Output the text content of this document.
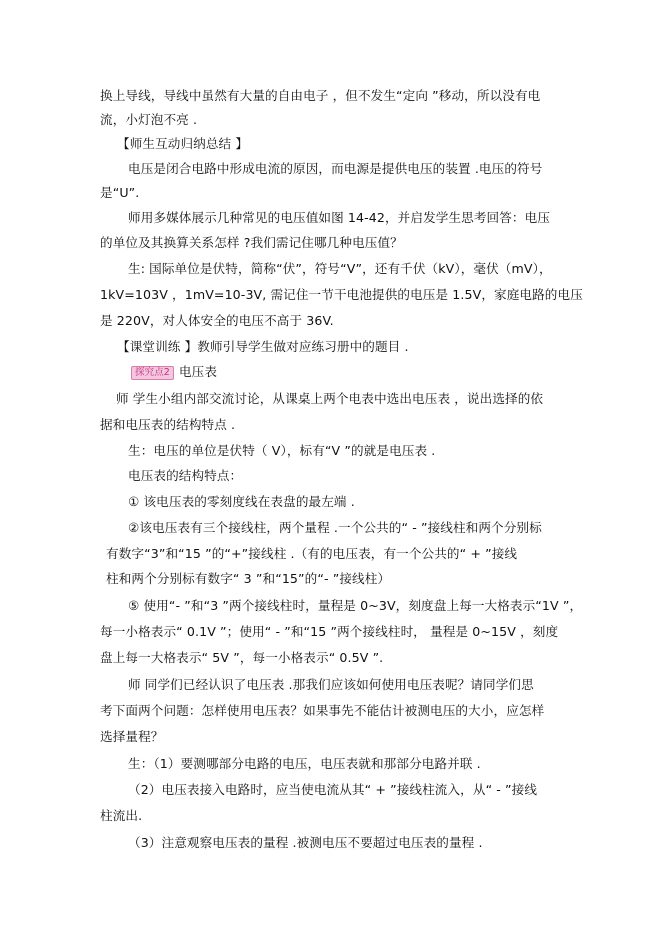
换上导线，导线中虽然有大量的自由电子 ，但不发生“定向 ”移动，所以没有电
流，小灯泡不亮 .
【师生互动归纳总结 】
电压是闭合电路中形成电流的原因，而电源是提供电压的装置 .电压的符号
是“U”.
师用多媒体展示几种常见的电压值如图 14-42，并启发学生思考回答：电压
的单位及其换算关系怎样 ?我们需记住哪几种电压值？
生: 国际单位是伏特，简称“伏”，符号“V”，还有千伏（kV），毫伏（mV），
1kV=103V ，1mV=10-3V, 需记住一节干电池提供的电压是 1.5V，家庭电路的电压
是 220V，对人体安全的电压不高于 36V.
【课堂训练 】教师引导学生做对应练习册中的题目 .
探究点2 电压表
师 学生小组内部交流讨论，从课桌上两个电表中选出电压表 ，说出选择的依
据和电压表的结构特点 .
生：电压的单位是伏特（ V），标有“V ”的就是电压表 .
电压表的结构特点：
① 该电压表的零刻度线在表盘的最左端 .
②该电压表有三个接线柱，两个量程 .一个公共的“ - ”接线柱和两个分别标
有数字“3”和“15 ”的“+”接线柱 .（有的电压表，有一个公共的“ + ”接线
柱和两个分别标有数字“ 3 ”和“15”的“- ”接线柱）
⑤ 使用“- ”和“3 ”两个接线柱时，量程是 0~3V，刻度盘上每一大格表示“1V ”，
每一小格表示“ 0.1V ”；使用“ - ”和“15 ”两个接线柱时， 量程是 0~15V ，刻度
盘上每一大格表示“ 5V ”，每一小格表示“ 0.5V ”.
师 同学们已经认识了电压表 .那我们应该如何使用电压表呢？请同学们思
考下面两个问题：怎样使用电压表？如果事先不能估计被测电压的大小，应怎样
选择量程？
生：（1）要测哪部分电路的电压，电压表就和那部分电路并联 .
（2）电压表接入电路时，应当使电流从其“ + ”接线柱流入，从“ - ”接线
柱流出.
（3）注意观察电压表的量程 .被测电压不要超过电压表的量程 .
